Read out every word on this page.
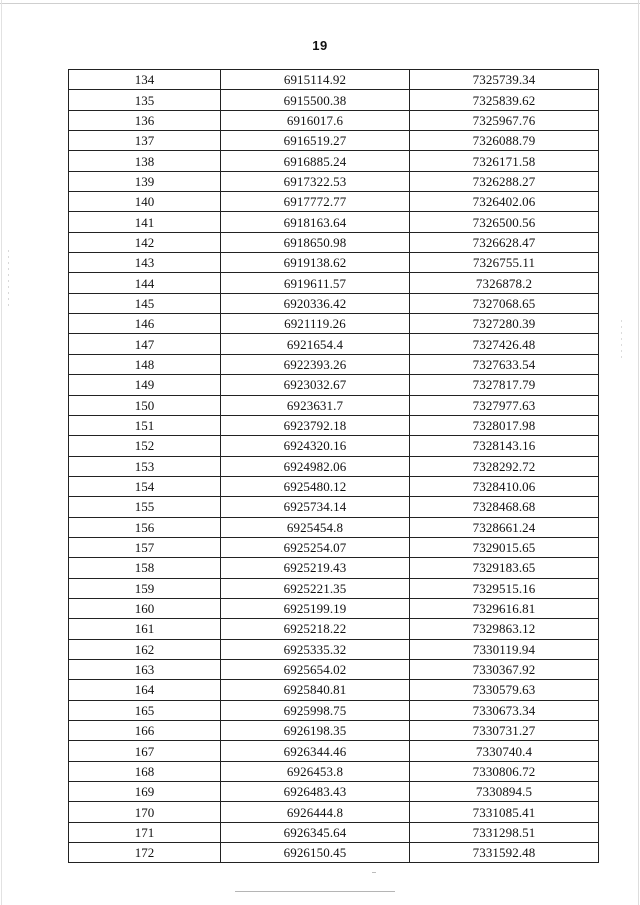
19
134	6915114.92	7325739.34
135	6915500.38	7325839.62
136	6916017.6	7325967.76
137	6916519.27	7326088.79
138	6916885.24	7326171.58
139	6917322.53	7326288.27
140	6917772.77	7326402.06
141	6918163.64	7326500.56
142	6918650.98	7326628.47
143	6919138.62	7326755.11
144	6919611.57	7326878.2
145	6920336.42	7327068.65
146	6921119.26	7327280.39
147	6921654.4	7327426.48
148	6922393.26	7327633.54
149	6923032.67	7327817.79
150	6923631.7	7327977.63
151	6923792.18	7328017.98
152	6924320.16	7328143.16
153	6924982.06	7328292.72
154	6925480.12	7328410.06
155	6925734.14	7328468.68
156	6925454.8	7328661.24
157	6925254.07	7329015.65
158	6925219.43	7329183.65
159	6925221.35	7329515.16
160	6925199.19	7329616.81
161	6925218.22	7329863.12
162	6925335.32	7330119.94
163	6925654.02	7330367.92
164	6925840.81	7330579.63
165	6925998.75	7330673.34
166	6926198.35	7330731.27
167	6926344.46	7330740.4
168	6926453.8	7330806.72
169	6926483.43	7330894.5
170	6926444.8	7331085.41
171	6926345.64	7331298.51
172	6926150.45	7331592.48
